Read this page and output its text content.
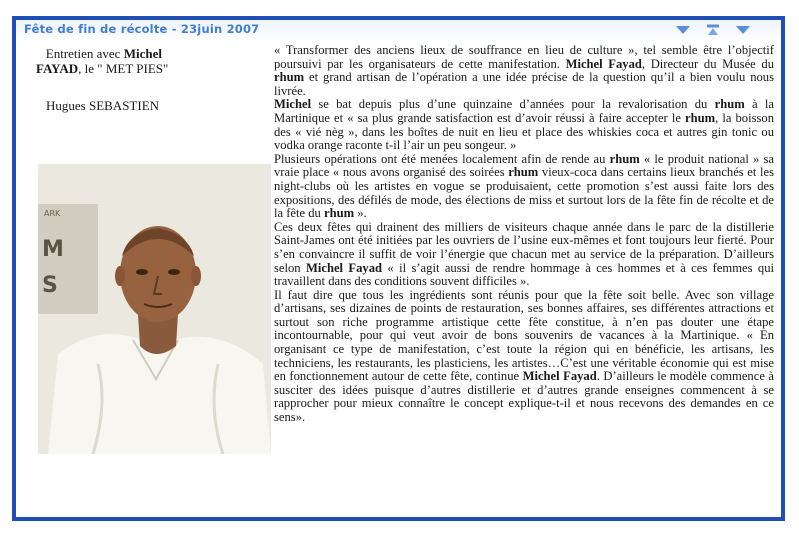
Fête de fin de récolte - 23juin 2007

Entretien avec Michel

FAYAD, le " MET PIES"

Hugues SEBASTIEN
M
S
ARK

« Transformer des anciens lieux de souffrance en lieu de culture », tel semble être l’objectif poursuivi par les organisateurs de cette manifestation. Michel Fayad, Directeur du Musée du rhum et grand artisan de l’opération a une idée précise de la question qu’il a bien voulu nous livrée.

Michel se bat depuis plus d’une quinzaine d’années pour la revalorisation du rhum à la Martinique et « sa plus grande satisfaction est d’avoir réussi à faire accepter le rhum, la boisson des « vié nèg », dans les boîtes de nuit en lieu et place des whiskies coca et autres gin tonic ou vodka orange raconte t-il l’air un peu songeur. »

Plusieurs opérations ont été menées localement afin de rende au rhum « le produit national » sa vraie place « nous avons organisé des soirées rhum vieux-coca dans certains lieux branchés et les night-clubs où les artistes en vogue se produisaient, cette promotion s’est aussi faite lors des expositions, des défilés de mode, des élections de miss et surtout lors de la fête fin de récolte et de la fête du rhum ».

Ces deux fêtes qui drainent des milliers de visiteurs chaque année dans le parc de la distillerie Saint-James ont été initiées par les ouvriers de l’usine eux-mêmes et font toujours leur fierté. Pour s’en convaincre il suffit de voir l’énergie que chacun met au service de la préparation. D’ailleurs selon Michel Fayad « il s’agit aussi de rendre hommage à ces hommes et à ces femmes qui travaillent dans des conditions souvent difficiles ».

Il faut dire que tous les ingrédients sont réunis pour que la fête soit belle. Avec son village d’artisans, ses dizaines de points de restauration, ses bonnes affaires, ses différentes attractions et surtout son riche programme artistique cette fête constitue, à n’en pas douter une étape incontournable, pour qui veut avoir de bons souvenirs de vacances à la Martinique. « En organisant ce type de manifestation, c’est toute la région qui en bénéficie, les artisans, les techniciens, les restaurants, les plasticiens, les artistes…C’est une véritable économie qui est mise en fonctionnement autour de cette fête, continue Michel Fayad. D’ailleurs le modèle commence à susciter des idées puisque d’autres distillerie et d’autres grande enseignes commencent à se rapprocher pour mieux connaître le concept explique-t-il et nous recevons des demandes en ce sens».
